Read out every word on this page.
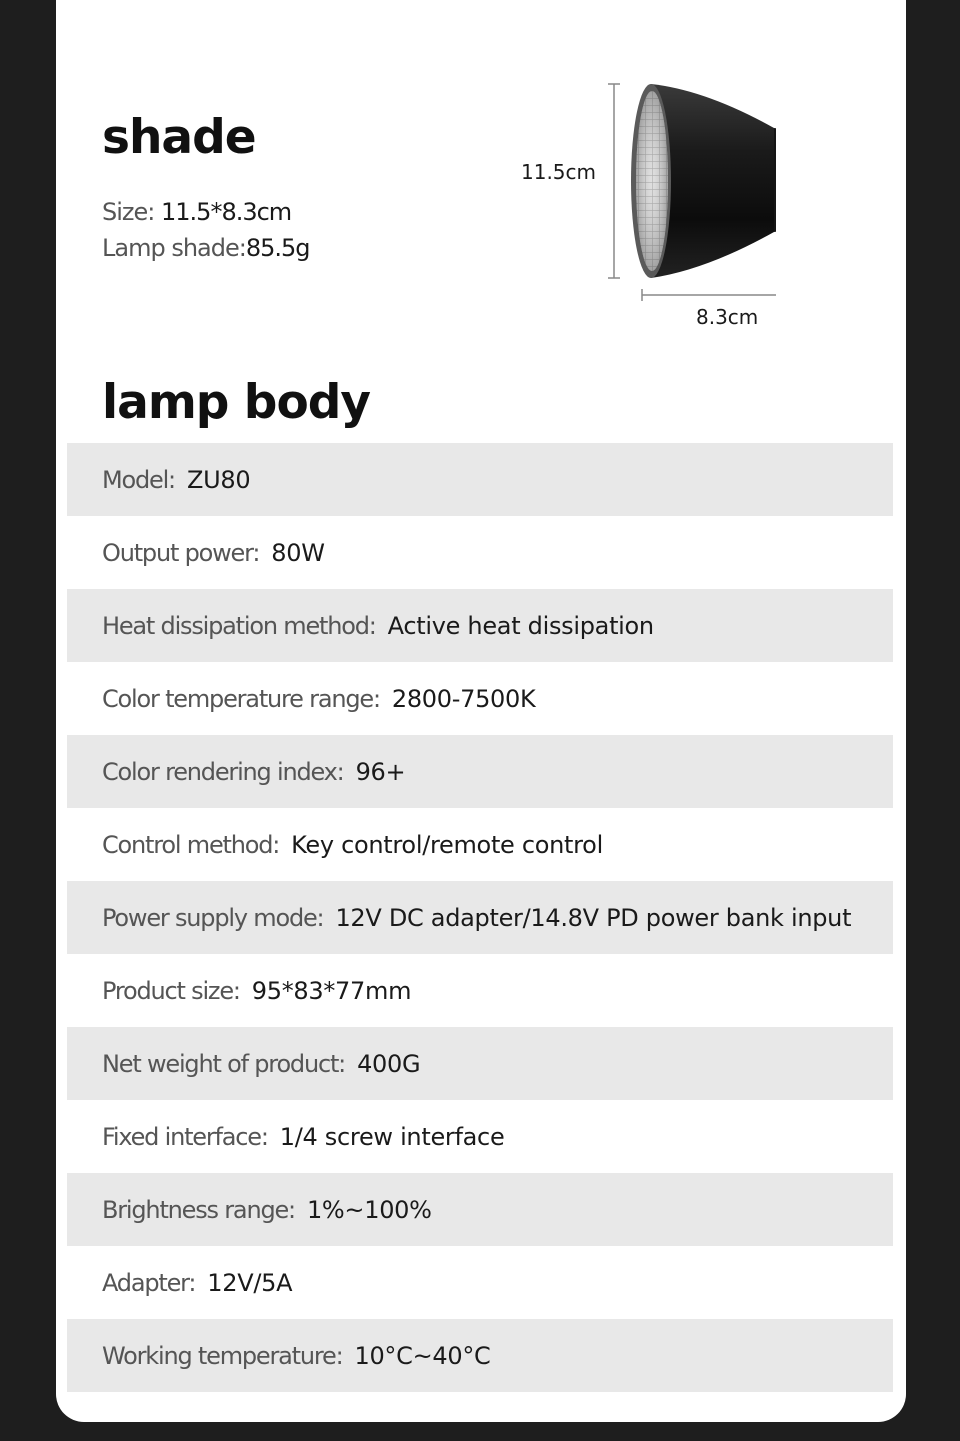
shade
Size: 11.5*8.3cm
Lamp shade:85.5g
11.5cm
8.3cm
lamp body
Model: ZU80
Output power: 80W
Heat dissipation method: Active heat dissipation
Color temperature range: 2800-7500K
Color rendering index: 96+
Control method: Key control/remote control
Power supply mode: 12V DC adapter/14.8V PD power bank input
Product size: 95*83*77mm
Net weight of product: 400G
Fixed interface: 1/4 screw interface
Brightness range: 1%~100%
Adapter: 12V/5A
Working temperature: 10°C~40°C
